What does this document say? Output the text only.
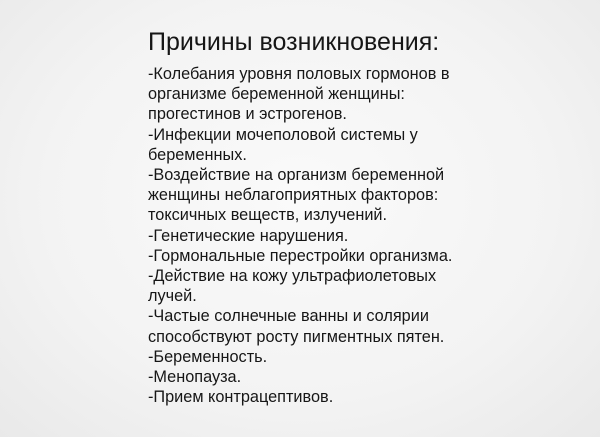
Причины возникновения:
-Колебания уровня половых гормонов в
организме беременной женщины:
прогестинов и эстрогенов.
-Инфекции мочеполовой системы у
беременных.
-Воздействие на организм беременной
женщины неблагоприятных факторов:
токсичных веществ, излучений.
-Генетические нарушения.
-Гормональные перестройки организма.
-Действие на кожу ультрафиолетовых
лучей.
-Частые солнечные ванны и солярии
способствуют росту пигментных пятен.
-Беременность.
-Менопауза.
-Прием контрацептивов.
